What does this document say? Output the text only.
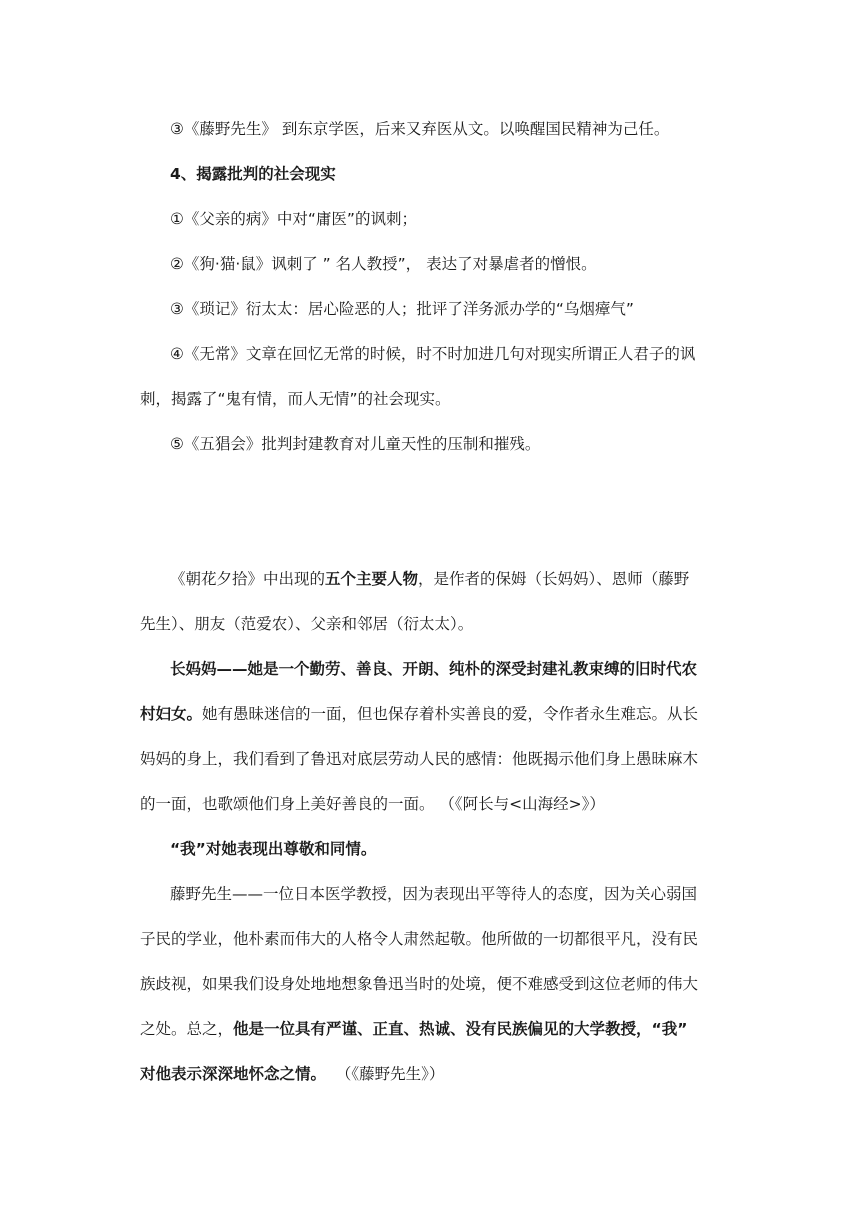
③《藤野先生》 到东京学医，后来又弃医从文。以唤醒国民精神为己任。
4、揭露批判的社会现实
①《父亲的病》中对“庸医”的讽刺；
②《狗·猫·鼠》讽刺了 ” 名人教授”， 表达了对暴虐者的憎恨。
③《琐记》衍太太：居心险恶的人；批评了洋务派办学的“乌烟瘴气”
④《无常》文章在回忆无常的时候，时不时加进几句对现实所谓正人君子的讽
刺，揭露了“鬼有情，而人无情”的社会现实。
⑤《五猖会》批判封建教育对儿童天性的压制和摧残。
《朝花夕拾》中出现的五个主要人物，是作者的保姆（长妈妈）、恩师（藤野
先生）、朋友（范爱农）、父亲和邻居（衍太太）。
长妈妈——她是一个勤劳、善良、开朗、纯朴的深受封建礼教束缚的旧时代农
村妇女。她有愚昧迷信的一面，但也保存着朴实善良的爱，令作者永生难忘。从长
妈妈的身上，我们看到了鲁迅对底层劳动人民的感情：他既揭示他们身上愚昧麻木
的一面，也歌颂他们身上美好善良的一面。 （《阿长与<山海经>》）
“我”对她表现出尊敬和同情。
藤野先生——一位日本医学教授，因为表现出平等待人的态度，因为关心弱国
子民的学业，他朴素而伟大的人格令人肃然起敬。他所做的一切都很平凡，没有民
族歧视，如果我们设身处地地想象鲁迅当时的处境，便不难感受到这位老师的伟大
之处。总之，他是一位具有严谨、正直、热诚、没有民族偏见的大学教授，“我”
对他表示深深地怀念之情。  （《藤野先生》）
